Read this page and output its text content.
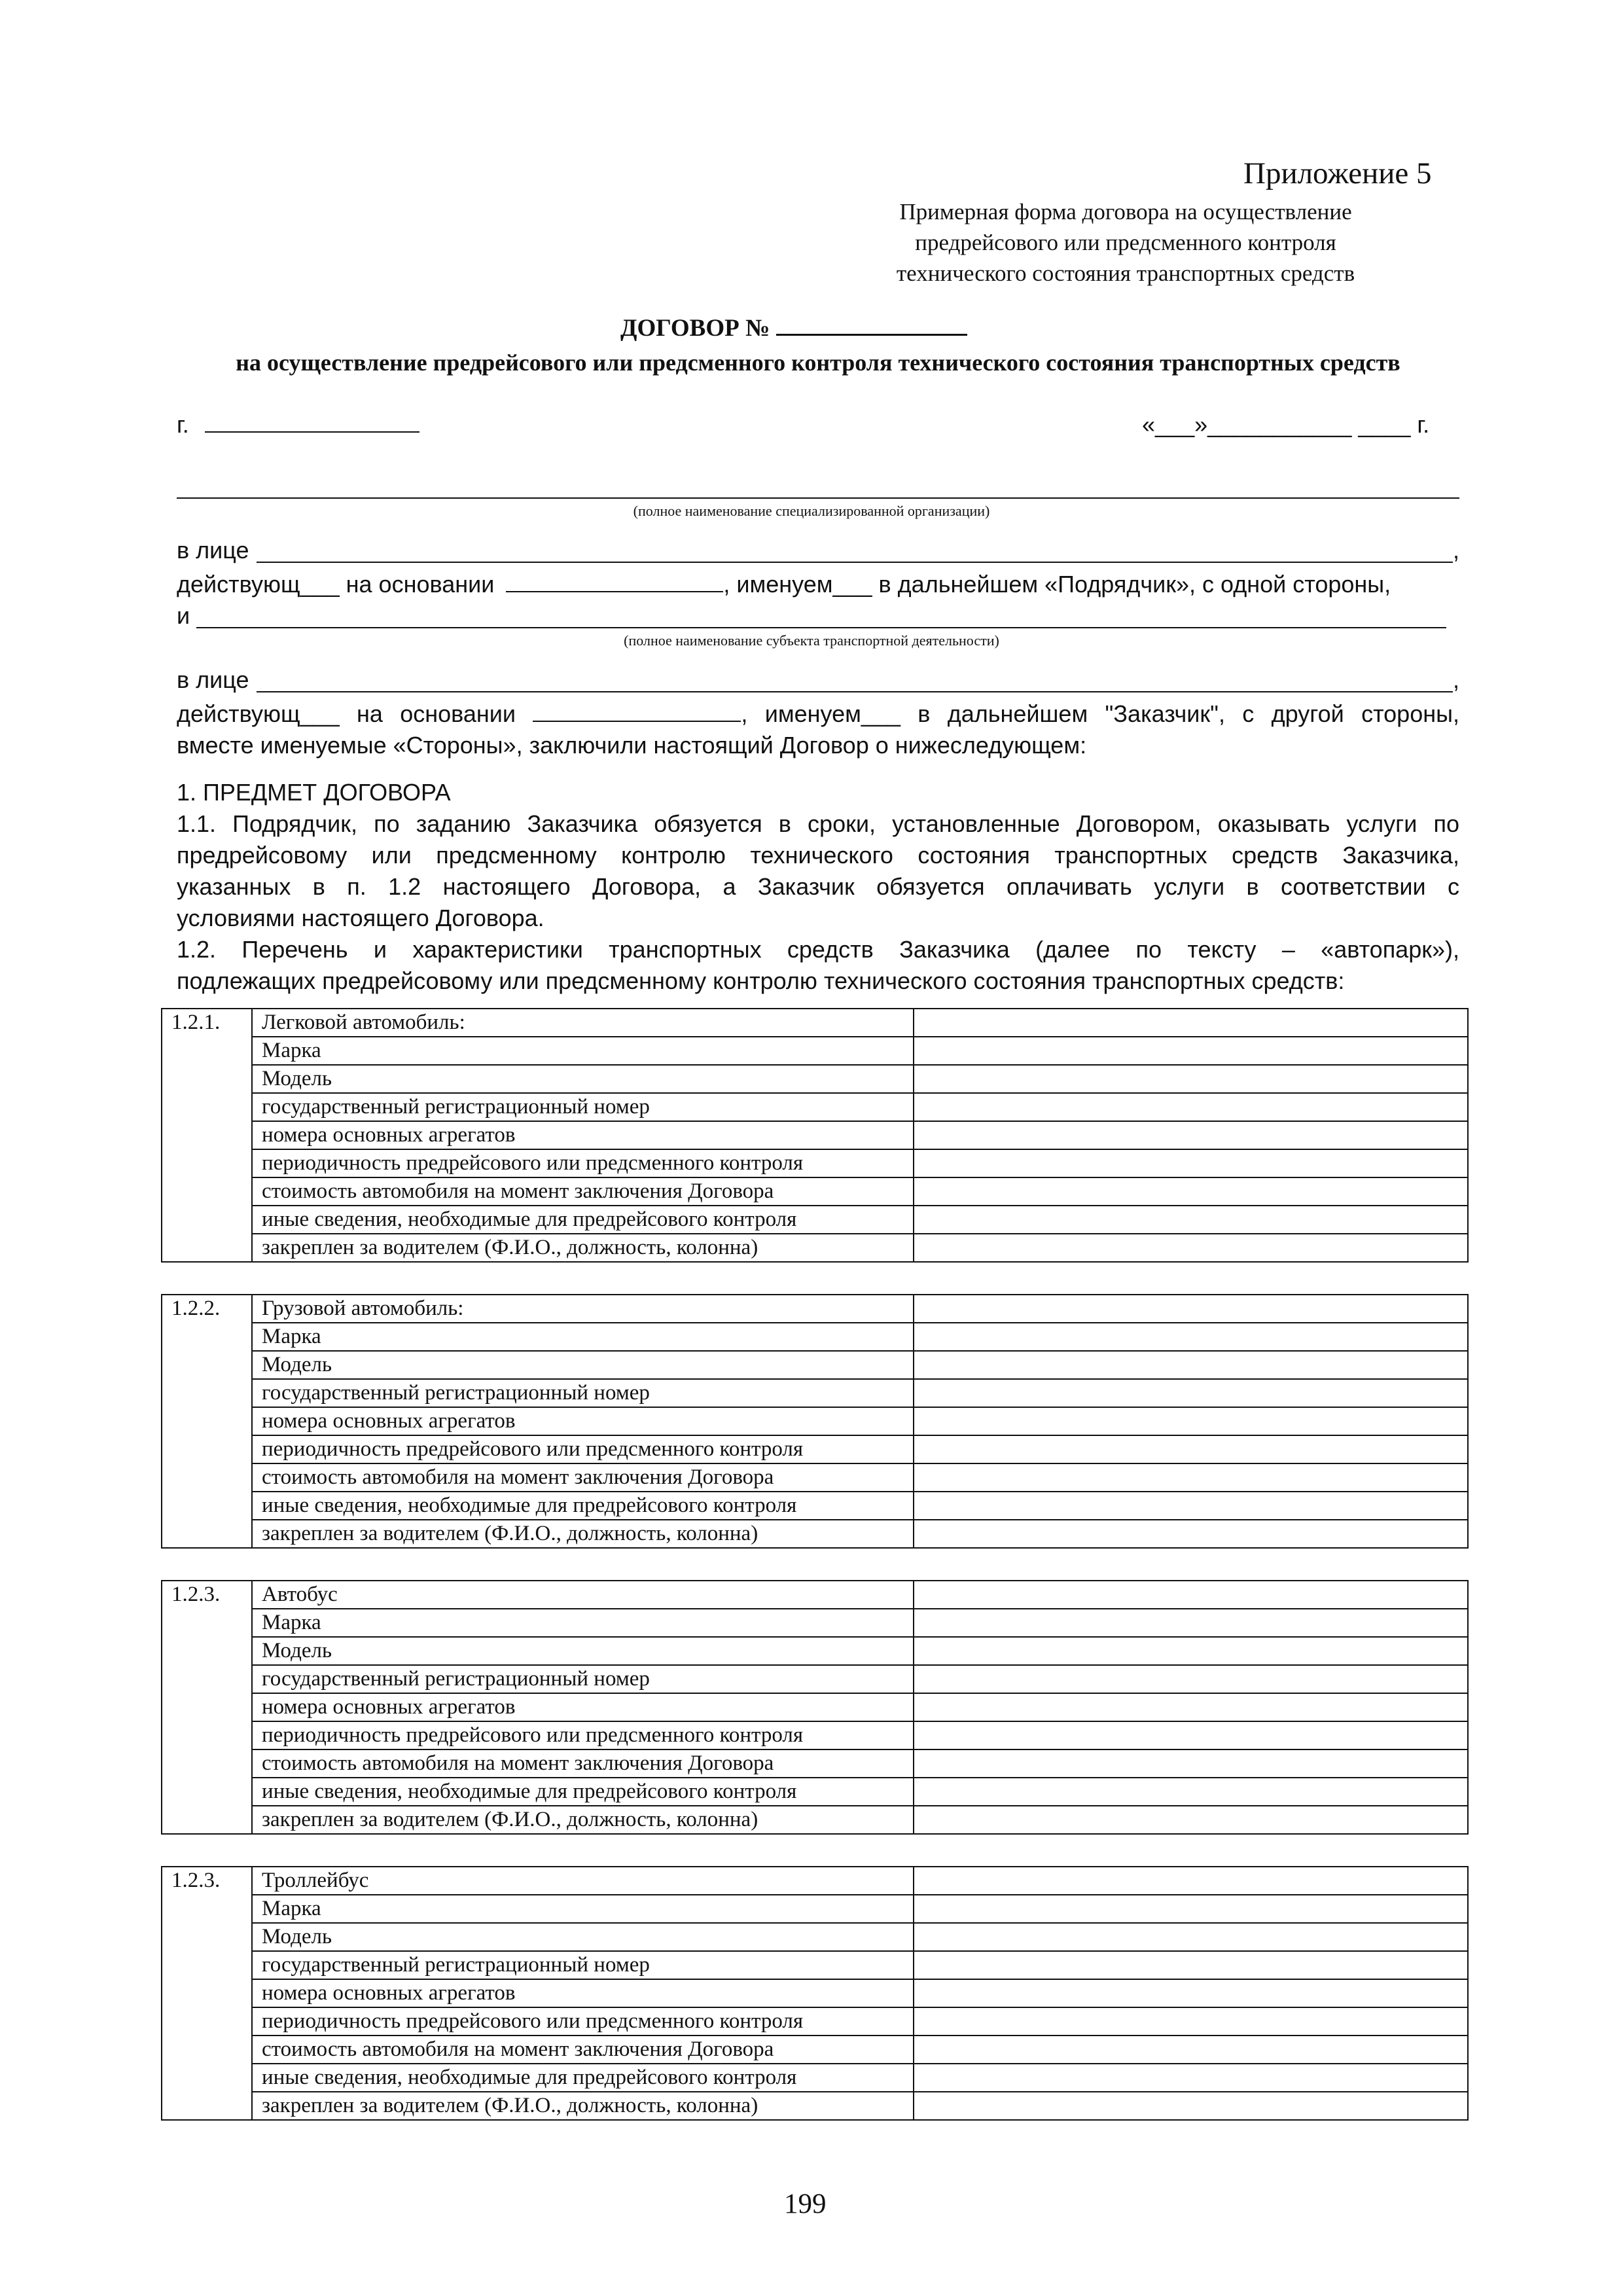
Приложение 5
Примерная форма договора на осуществление
предрейсового или предсменного контроля
технического состояния транспортных средств
ДОГОВОР №
на осуществление предрейсового или предсменного контроля технического состояния транспортных средств
г.	«___»___________ ____ г.
(полное наименование специализированной организации)
в лице	,
действующ___ на основании	, именуем___ в дальнейшем «Подрядчик», с одной стороны,
и
(полное наименование субъекта транспортной деятельности)
в лице	,
действующ___ на основании	, именуем___ в дальнейшем "Заказчик", с другой стороны,
вместе именуемые «Стороны», заключили настоящий Договор о нижеследующем:
1. ПРЕДМЕТ ДОГОВОРА
1.1. Подрядчик, по заданию Заказчика обязуется в сроки, установленные Договором, оказывать услуги по
предрейсовому или предсменному контролю технического состояния транспортных средств Заказчика,
указанных в п. 1.2 настоящего Договора, а Заказчик обязуется оплачивать услуги в соответствии с
условиями настоящего Договора.
1.2. Перечень и характеристики транспортных средств Заказчика (далее по тексту – «автопарк»),
подлежащих предрейсовому или предсменному контролю технического состояния транспортных средств:
1.2.1.	Легковой автомобиль:	
	Марка	
	Модель	
	государственный регистрационный номер	
	номера основных агрегатов	
	периодичность предрейсового или предсменного контроля	
	стоимость автомобиля на момент заключения Договора	
	иные сведения, необходимые для предрейсового контроля	
	закреплен за водителем (Ф.И.О., должность, колонна)	
1.2.2.	Грузовой автомобиль:	
	Марка	
	Модель	
	государственный регистрационный номер	
	номера основных агрегатов	
	периодичность предрейсового или предсменного контроля	
	стоимость автомобиля на момент заключения Договора	
	иные сведения, необходимые для предрейсового контроля	
	закреплен за водителем (Ф.И.О., должность, колонна)	
1.2.3.	Автобус	
	Марка	
	Модель	
	государственный регистрационный номер	
	номера основных агрегатов	
	периодичность предрейсового или предсменного контроля	
	стоимость автомобиля на момент заключения Договора	
	иные сведения, необходимые для предрейсового контроля	
	закреплен за водителем (Ф.И.О., должность, колонна)	
1.2.3.	Троллейбус	
	Марка	
	Модель	
	государственный регистрационный номер	
	номера основных агрегатов	
	периодичность предрейсового или предсменного контроля	
	стоимость автомобиля на момент заключения Договора	
	иные сведения, необходимые для предрейсового контроля	
	закреплен за водителем (Ф.И.О., должность, колонна)	
199
